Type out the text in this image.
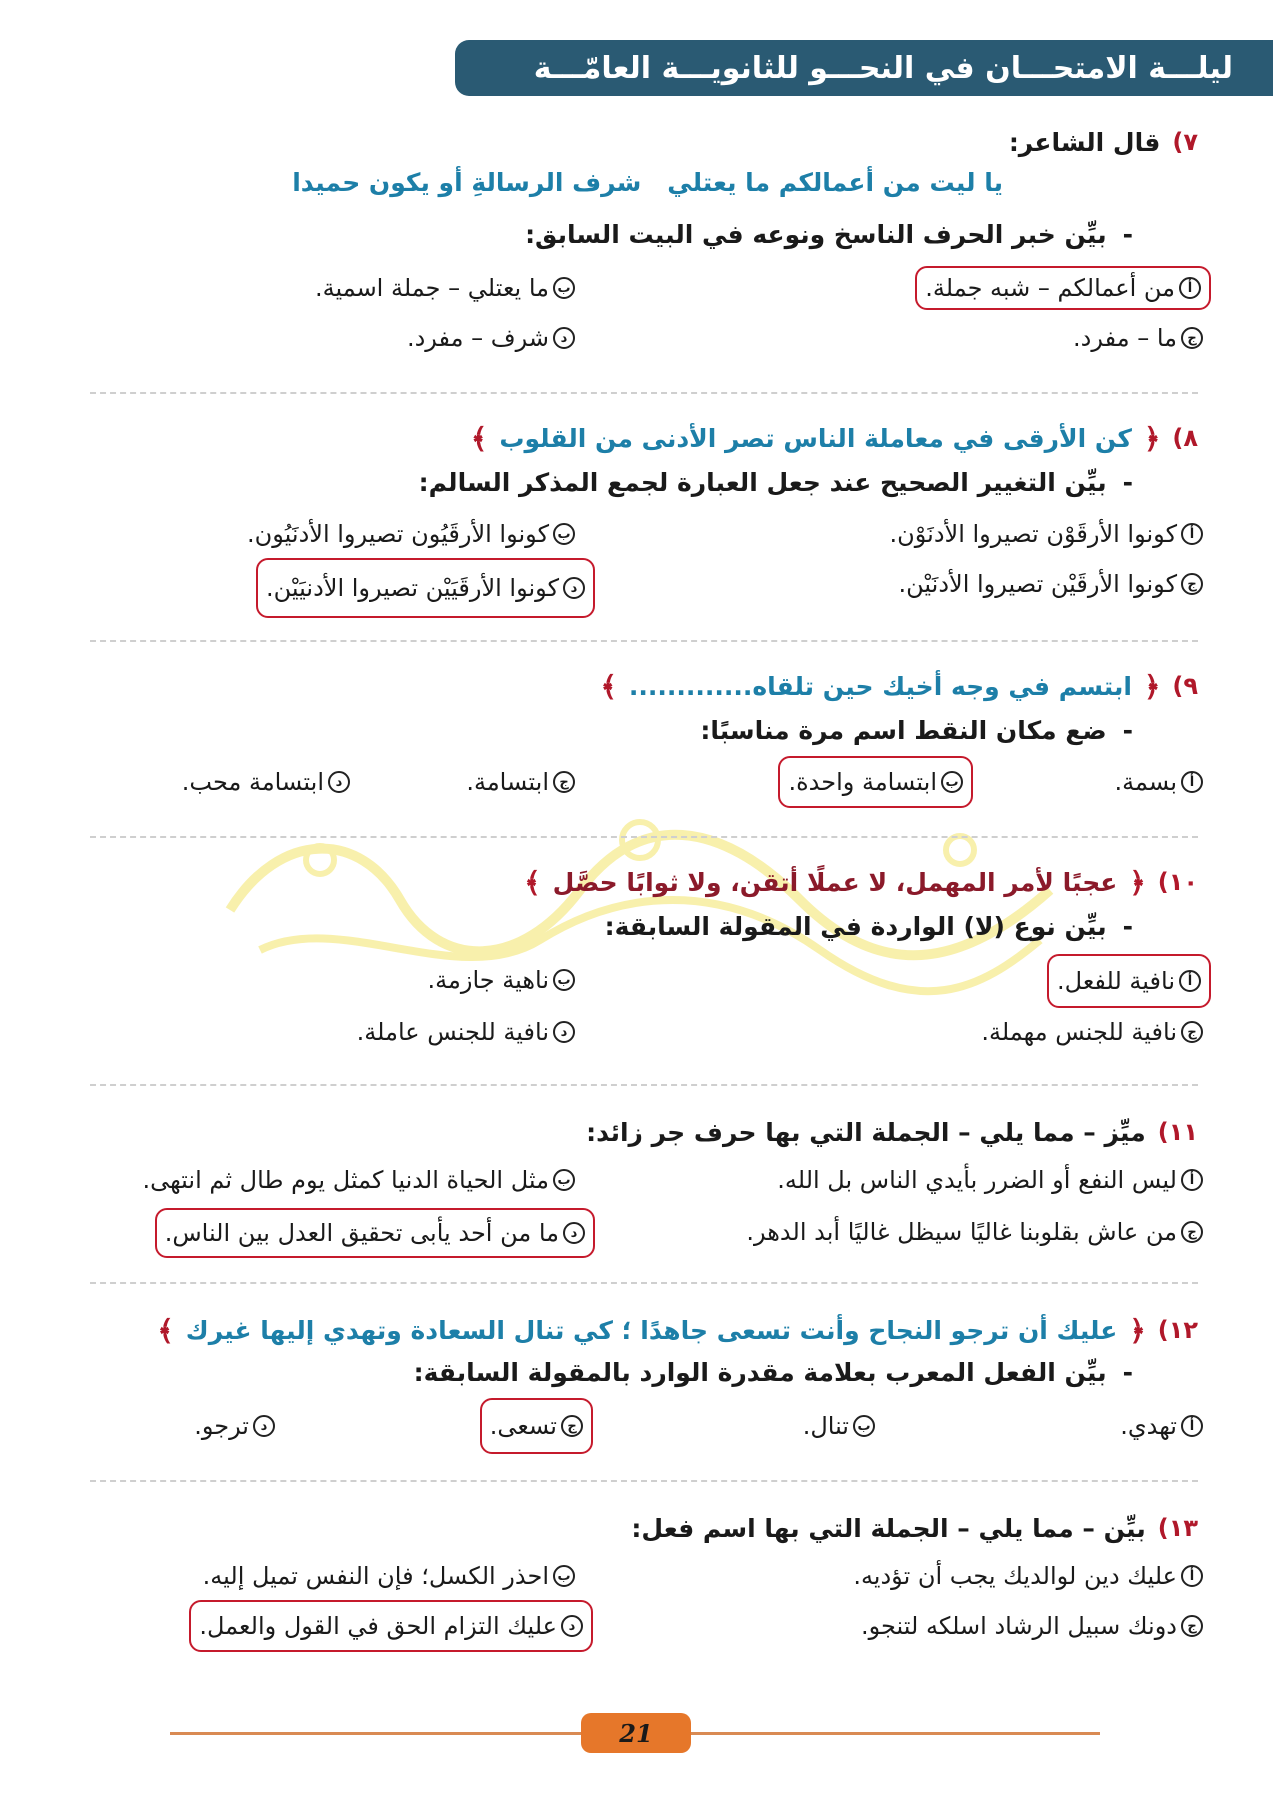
ليلـــة الامتحـــان في النحـــو للثانويـــة العامّـــة
٧)
قال الشاعر:
يا ليت من أعمالكم ما يعتلي
شرف الرسالةِ أو يكون حميدا
-
بيِّن خبر الحرف الناسخ ونوعه في البيت السابق:
أ
من أعمالكم – شبه جملة.
ب
ما يعتلي – جملة اسمية.
ج
ما – مفرد.
د
شرف – مفرد.
٨)
﴿
كن الأرقى في معاملة الناس تصر الأدنى من القلوب
﴾
-
بيِّن التغيير الصحيح عند جعل العبارة لجمع المذكر السالم:
أ
كونوا الأرقَوْن تصيروا الأدنَوْن.
ب
كونوا الأرقَيُون تصيروا الأدنَيُون.
ج
كونوا الأرقَيْن تصيروا الأدنَيْن.
د
كونوا الأرقَيَيْن تصيروا الأدنيَيْن.
٩)
﴿
ابتسم في وجه أخيك حين تلقاه.............
﴾
-
ضع مكان النقط اسم مرة مناسبًا:
أ
بسمة.
ب
ابتسامة واحدة.
ج
ابتسامة.
د
ابتسامة محب.
١٠)
﴿
عجبًا لأمر المهمل، لا عملًا أتقن، ولا ثوابًا حصَّل
﴾
-
بيِّن نوع (لا) الواردة في المقولة السابقة:
أ
نافية للفعل.
ب
ناهية جازمة.
ج
نافية للجنس مهملة.
د
نافية للجنس عاملة.
١١)
ميِّز – مما يلي – الجملة التي بها حرف جر زائد:
أ
ليس النفع أو الضرر بأيدي الناس بل الله.
ب
مثل الحياة الدنيا كمثل يوم طال ثم انتهى.
ج
من عاش بقلوبنا غاليًا سيظل غاليًا أبد الدهر.
د
ما من أحد يأبى تحقيق العدل بين الناس.
١٢)
﴿
عليك أن ترجو النجاح وأنت تسعى جاهدًا ؛ كي تنال السعادة وتهدي إليها غيرك
﴾
-
بيِّن الفعل المعرب بعلامة مقدرة الوارد بالمقولة السابقة:
أ
تهدي.
ب
تنال.
ج
تسعى.
د
ترجو.
١٣)
بيِّن – مما يلي – الجملة التي بها اسم فعل:
أ
عليك دين لوالديك يجب أن تؤديه.
ب
احذر الكسل؛ فإن النفس تميل إليه.
ج
دونك سبيل الرشاد اسلكه لتنجو.
د
عليك التزام الحق في القول والعمل.
21
